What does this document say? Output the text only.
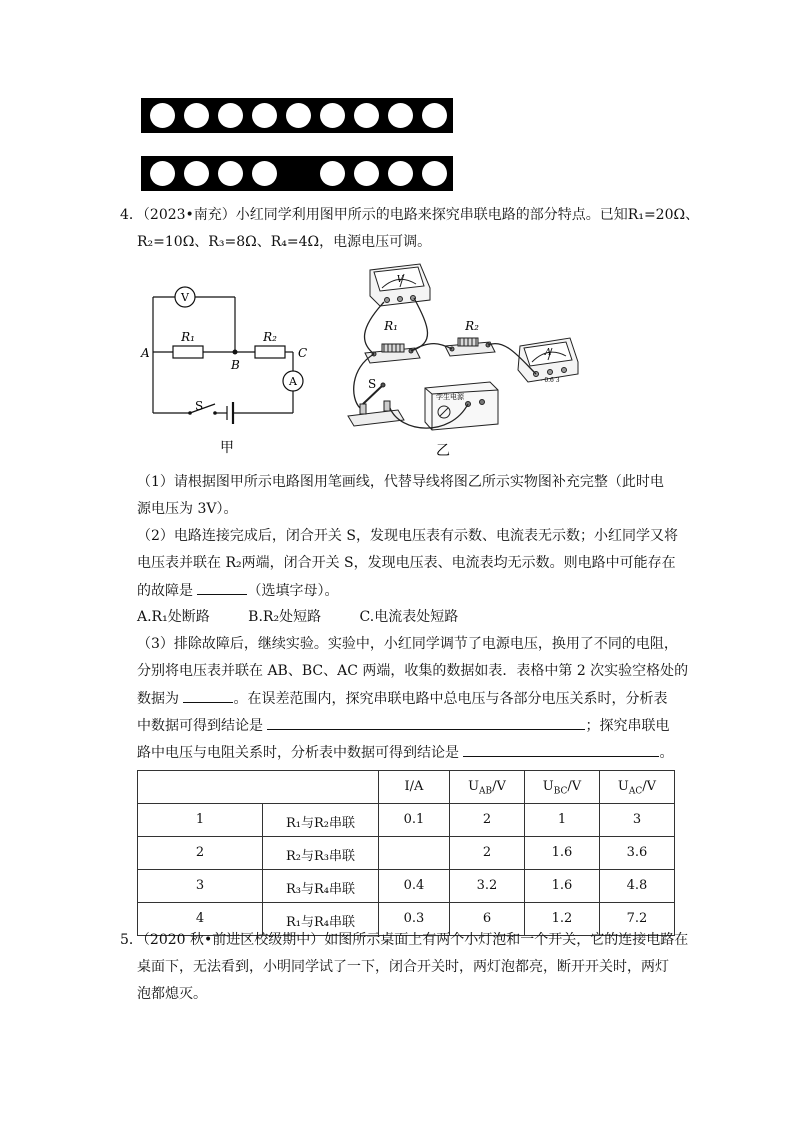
4．（2023•南充）小红同学利用图甲所示的电路来探究串联电路的部分特点。已知R₁=20Ω、
R₂=10Ω、R₃=8Ω、R₄=4Ω，电源电压可调。
V
A
R₁	R₂
A
B
C
S
甲
V
A
R₁	R₂
S
学生电源
- 0.6 3
乙
（1）请根据图甲所示电路图用笔画线，代替导线将图乙所示实物图补充完整（此时电
源电压为 3V）。
（2）电路连接完成后，闭合开关 S，发现电压表有示数、电流表无示数；小红同学又将
电压表并联在 R₂两端，闭合开关 S，发现电压表、电流表均无示数。则电路中可能存在
的故障是	（选填字母）。
A.R₁处断路	B.R₂处短路	C.电流表处短路
（3）排除故障后，继续实验。实验中，小红同学调节了电源电压，换用了不同的电阻，
分别将电压表并联在 AB、BC、AC 两端，收集的数据如表．表格中第 2 次实验空格处的
数据为	。在误差范围内，探究串联电路中总电压与各部分电压关系时，分析表
中数据可得到结论是	；探究串联电
路中电压与电阻关系时，分析表中数据可得到结论是	。
		I/A	$U_{AB}/V$	$U_{BC}/V$	$U_{AC}/V$
1	R₁与R₂串联	0.1	2	1	3
2	R₂与R₃串联		2	1.6	3.6
3	R₃与R₄串联	0.4	3.2	1.6	4.8
4	R₁与R₄串联	0.3	6	1.2	7.2
5．（2020 秋•前进区校级期中）如图所示桌面上有两个小灯泡和一个开关，它的连接电路在
桌面下，无法看到，小明同学试了一下，闭合开关时，两灯泡都亮，断开开关时，两灯
泡都熄灭。
